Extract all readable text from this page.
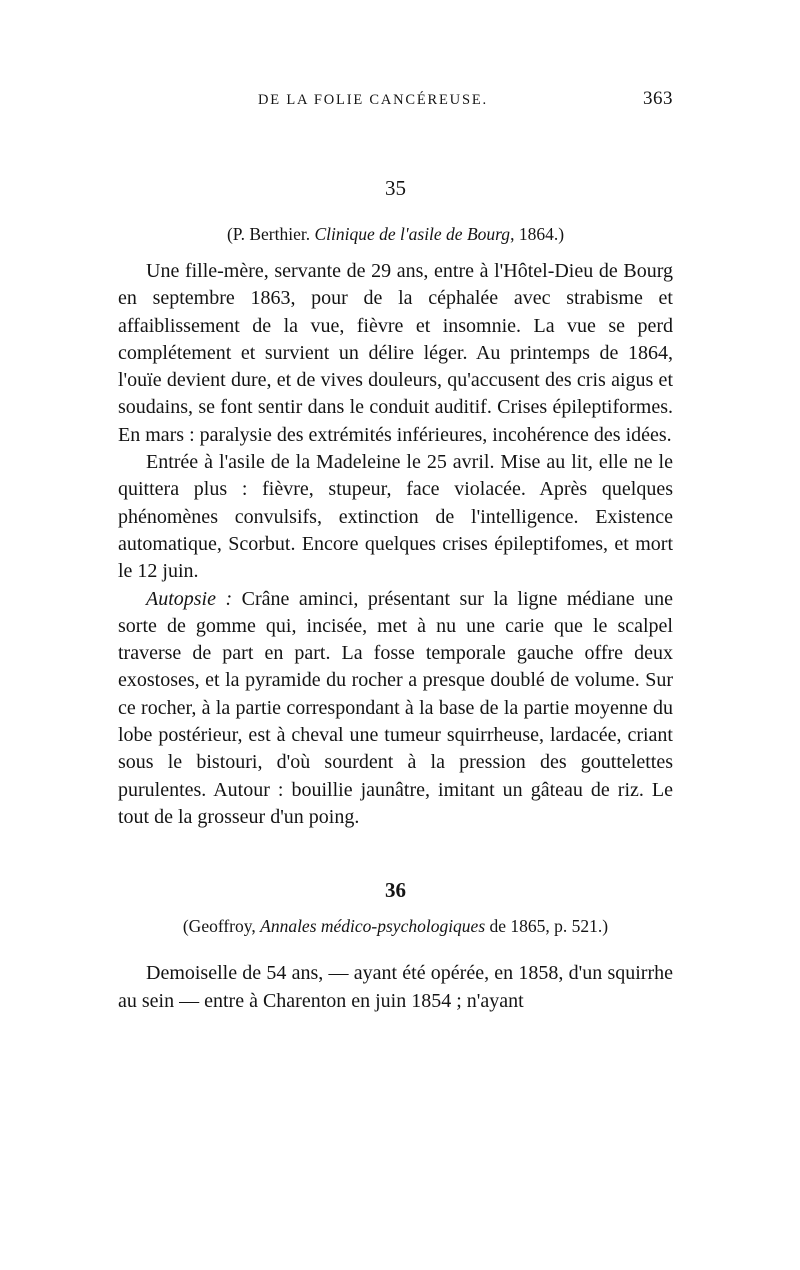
DE LA FOLIE CANCÉREUSE.	363
35
(P. Berthier. Clinique de l'asile de Bourg, 1864.)

Une fille-mère, servante de 29 ans, entre à l'Hôtel-Dieu de Bourg en septembre 1863, pour de la céphalée avec strabisme et affaiblissement de la vue, fièvre et insomnie. La vue se perd complétement et survient un délire léger. Au printemps de 1864, l'ouïe devient dure, et de vives douleurs, qu'accusent des cris aigus et soudains, se font sentir dans le conduit auditif. Crises épileptiformes. En mars : paralysie des extrémités inférieures, incohérence des idées.

Entrée à l'asile de la Madeleine le 25 avril. Mise au lit, elle ne le quittera plus : fièvre, stupeur, face violacée. Après quelques phénomènes convulsifs, extinction de l'intelligence. Existence automatique, Scorbut. Encore quelques crises épileptifomes, et mort le 12 juin.

Autopsie : Crâne aminci, présentant sur la ligne médiane une sorte de gomme qui, incisée, met à nu une carie que le scalpel traverse de part en part. La fosse temporale gauche offre deux exostoses, et la pyramide du rocher a presque doublé de volume. Sur ce rocher, à la partie correspondant à la base de la partie moyenne du lobe postérieur, est à cheval une tumeur squirrheuse, lardacée, criant sous le bistouri, d'où sourdent à la pression des gouttelettes purulentes. Autour : bouillie jaunâtre, imitant un gâteau de riz. Le tout de la grosseur d'un poing.

36
(Geoffroy, Annales médico-psychologiques de 1865, p. 521.)

Demoiselle de 54 ans, — ayant été opérée, en 1858, d'un squirrhe au sein — entre à Charenton en juin 1854 ; n'ayant
